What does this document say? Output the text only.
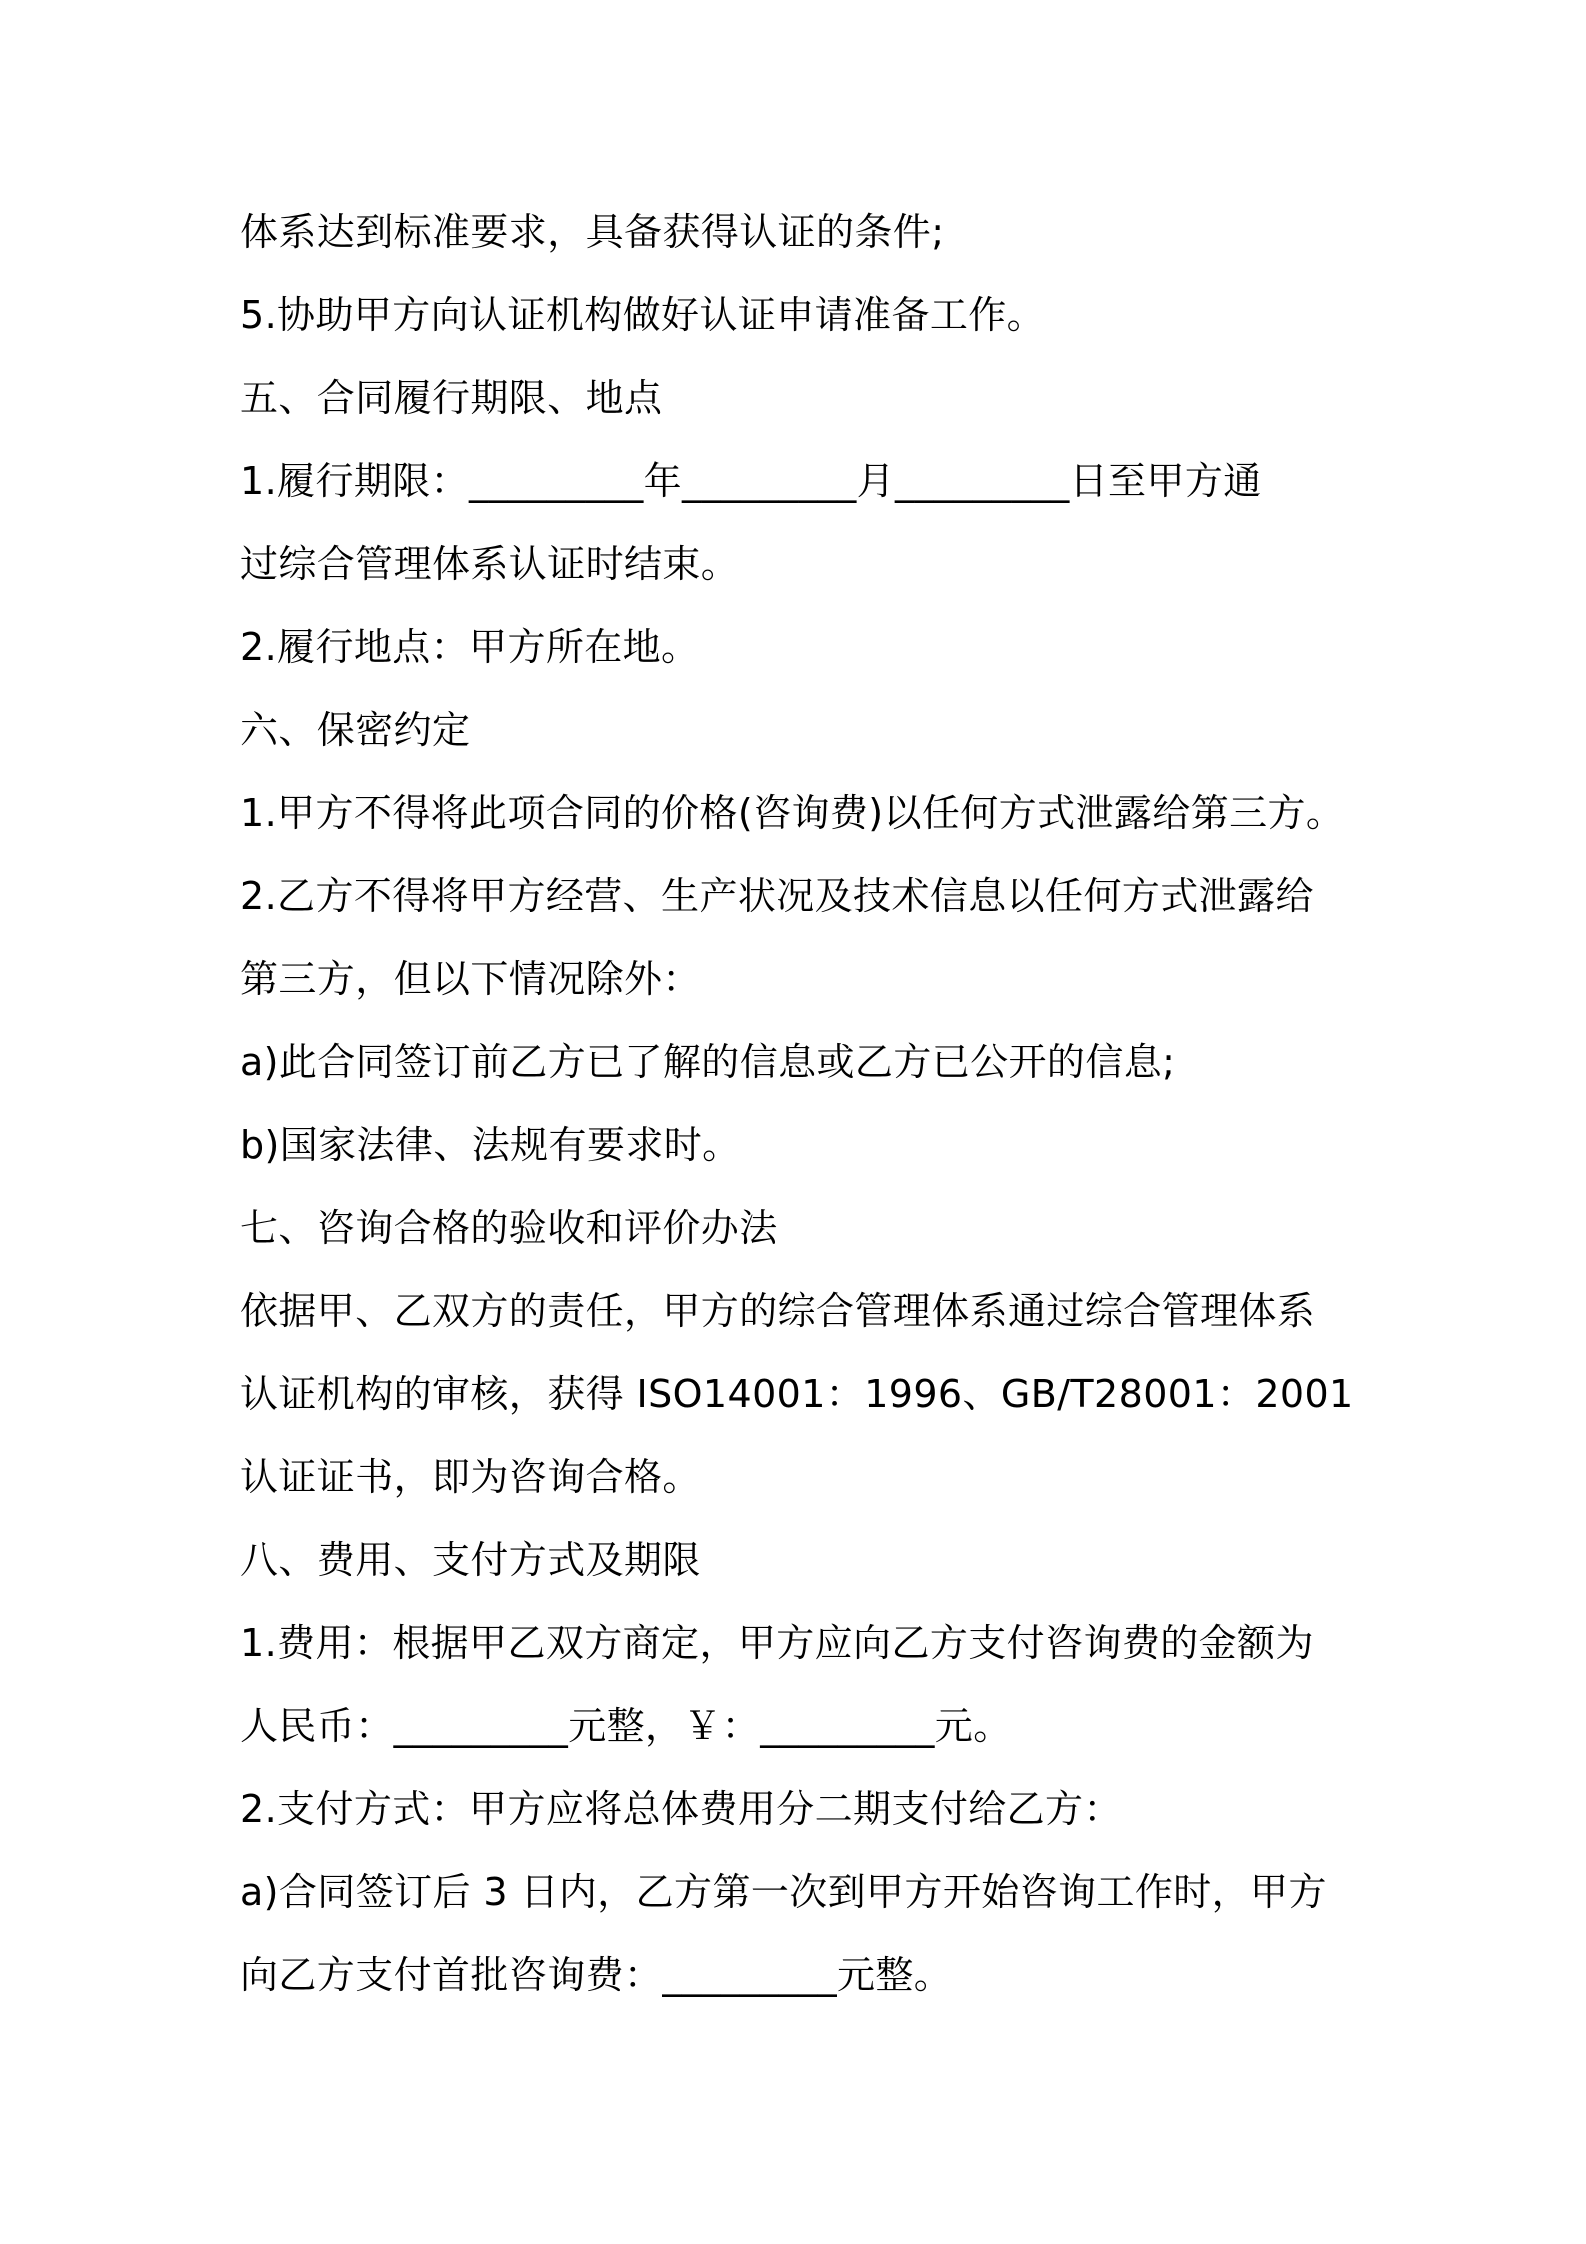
体系达到标准要求，具备获得认证的条件;
5.协助甲方向认证机构做好认证申请准备工作。
五、合同履行期限、地点
1.履行期限：_________年_________月_________日至甲方通
过综合管理体系认证时结束。
2.履行地点：甲方所在地。
六、保密约定
1.甲方不得将此项合同的价格(咨询费)以任何方式泄露给第三方。
2.乙方不得将甲方经营、生产状况及技术信息以任何方式泄露给
第三方，但以下情况除外：
a)此合同签订前乙方已了解的信息或乙方已公开的信息;
b)国家法律、法规有要求时。
七、咨询合格的验收和评价办法
依据甲、乙双方的责任，甲方的综合管理体系通过综合管理体系
认证机构的审核，获得 ISO14001：1996、GB/T28001：2001
认证证书，即为咨询合格。
八、费用、支付方式及期限
1.费用：根据甲乙双方商定，甲方应向乙方支付咨询费的金额为
人民币：_________元整，￥：_________元。
2.支付方式：甲方应将总体费用分二期支付给乙方：
a)合同签订后 3 日内，乙方第一次到甲方开始咨询工作时，甲方
向乙方支付首批咨询费：_________元整。
